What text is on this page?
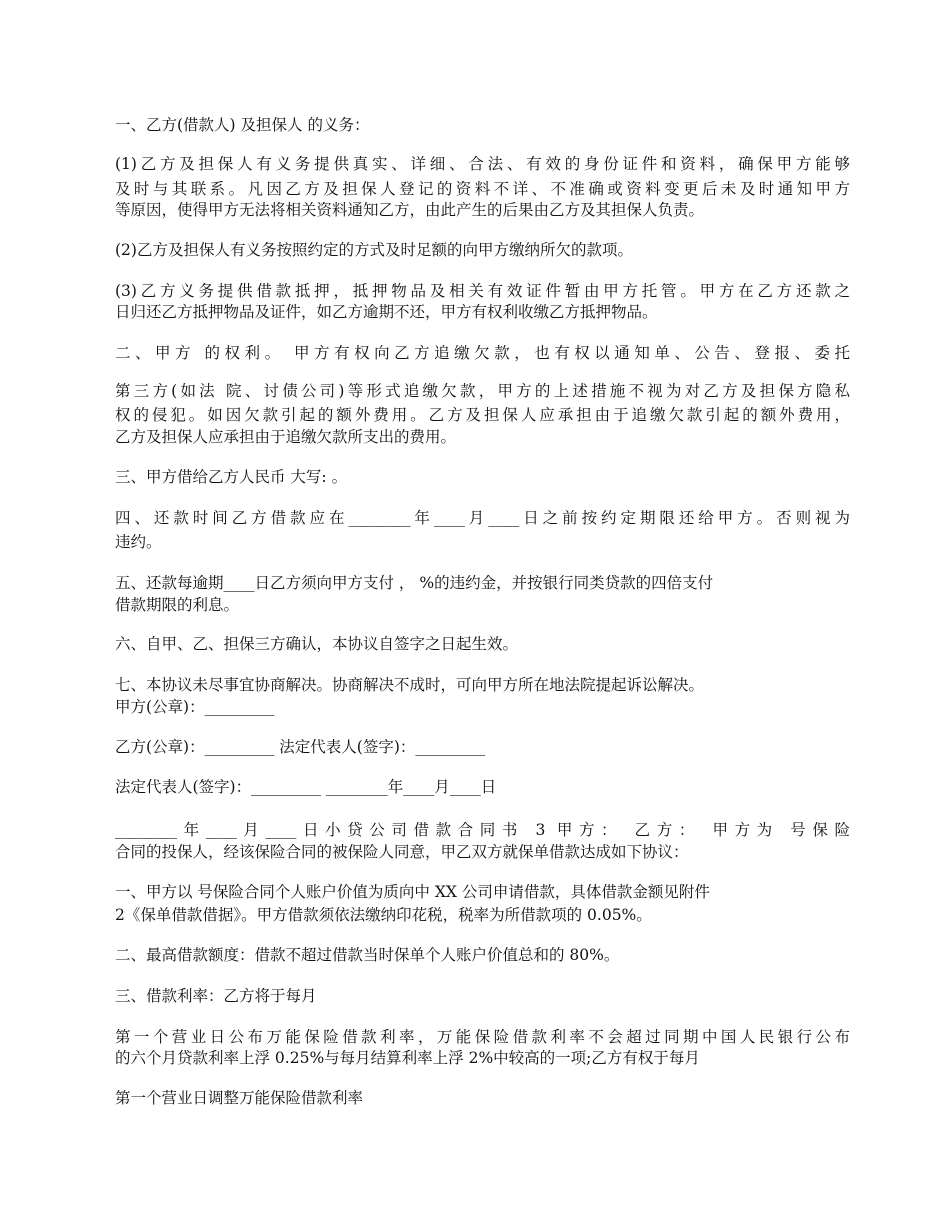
一、乙方(借款人) 及担保人 的义务：
(1)乙方及担保人有义务提供真实、详细、合法、有效的身份证件和资料，确保甲方能够
及时与其联系。凡因乙方及担保人登记的资料不详、不准确或资料变更后未及时通知甲方
等原因，使得甲方无法将相关资料通知乙方，由此产生的后果由乙方及其担保人负责。
(2)乙方及担保人有义务按照约定的方式及时足额的向甲方缴纳所欠的款项。
(3)乙方义务提供借款抵押，抵押物品及相关有效证件暂由甲方托管。甲方在乙方还款之
日归还乙方抵押物品及证件，如乙方逾期不还，甲方有权利收缴乙方抵押物品。
二、甲方 的权利。 甲方有权向乙方追缴欠款，也有权以通知单、公告、登报、委托
第三方(如法 院、讨债公司)等形式追缴欠款，甲方的上述措施不视为对乙方及担保方隐私
权的侵犯。如因欠款引起的额外费用。乙方及担保人应承担由于追缴欠款引起的额外费用，
乙方及担保人应承担由于追缴欠款所支出的费用。
三、甲方借给乙方人民币 大写: 。
四、还款时间乙方借款应在________年____月____日之前按约定期限还给甲方。否则视为
违约。
五、还款每逾期____日乙方须向甲方支付 ， %的违约金，并按银行同类贷款的四倍支付
借款期限的利息。
六、自甲、乙、担保三方确认，本协议自签字之日起生效。
七、本协议未尽事宜协商解决。协商解决不成时，可向甲方所在地法院提起诉讼解决。
甲方(公章)：_________
乙方(公章)：_________ 法定代表人(签字)：_________
法定代表人(签字)：_________ ________年____月____日
________年____月____日小贷公司借款合同书 3 甲方： 乙方： 甲方为 号保险
合同的投保人，经该保险合同的被保险人同意，甲乙双方就保单借款达成如下协议：
一、甲方以 号保险合同个人账户价值为质向中 XX 公司申请借款，具体借款金额见附件
2《保单借款借据》。甲方借款须依法缴纳印花税，税率为所借款项的 0.05%。
二、最高借款额度：借款不超过借款当时保单个人账户价值总和的 80%。
三、借款利率：乙方将于每月
第一个营业日公布万能保险借款利率，万能保险借款利率不会超过同期中国人民银行公布
的六个月贷款利率上浮 0.25%与每月结算利率上浮 2%中较高的一项;乙方有权于每月
第一个营业日调整万能保险借款利率
